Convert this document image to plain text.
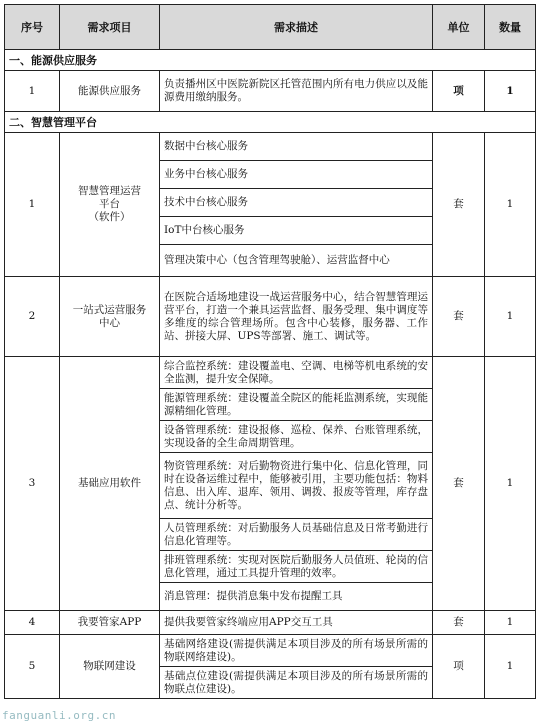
序号	需求项目	需求描述	单位	数量
一、能源供应服务				
1	能源供应服务	负责播州区中医院新院区托管范围内所有电力供应以及能源费用缴纳服务。	项	1
二、智慧管理平台				
1	智慧管理运营
平台
（软件）	数据中台核心服务	套	1
		业务中台核心服务		
		技术中台核心服务		
		IoT中台核心服务		
		管理决策中心（包含管理驾驶舱）、运营监督中心		
2	一站式运营服务
中心	在医院合适场地建设一战运营服务中心，结合智慧管理运营平台，打造一个兼具运营监督、服务受理、集中调度等多维度的综合管理场所。包含中心装修，服务器、工作站、拼接大屏、UPS等部署、施工、调试等。	套	1
3	基础应用软件	综合监控系统：建设覆盖电、空调、电梯等机电系统的安全监测，提升安全保障。	套	1
		能源管理系统：建设覆盖全院区的能耗监测系统，实现能源精细化管理。		
		设备管理系统：建设报修、巡检、保养、台账管理系统，实现设备的全生命周期管理。		
		物资管理系统：对后勤物资进行集中化、信息化管理，同时在设备运维过程中，能够被引用，主要功能包括：物料信息、出入库、退库、领用、调拨、报废等管理，库存盘点、统计分析等。		
		人员管理系统：对后勤服务人员基础信息及日常考勤进行信息化管理等。		
		排班管理系统：实现对医院后勤服务人员值班、轮岗的信息化管理，通过工具提升管理的效率。		
		消息管理：提供消息集中发布提醒工具		
4	我要管家APP	提供我要管家终端应用APP交互工具	套	1
5	物联网建设	基础网络建设(需提供满足本项目涉及的所有场景所需的物联网络建设)。	项	1
		基础点位建设(需提供满足本项目涉及的所有场景所需的物联点位建设)。		
fanguanli.org.cn
